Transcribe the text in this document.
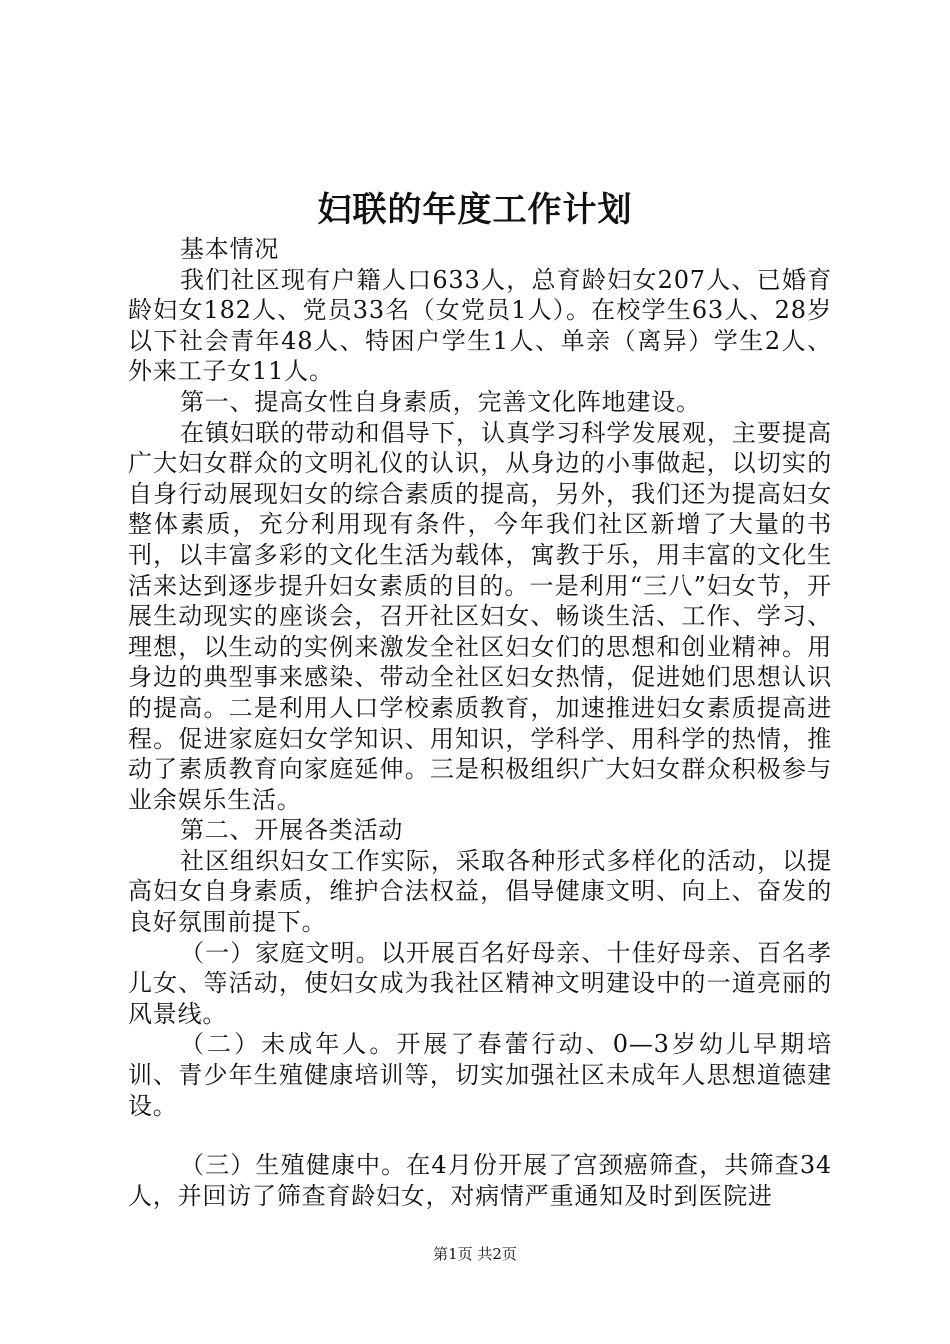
妇联的年度工作计划

基本情况

我们社区现有户籍人口633人，总育龄妇女207人、已婚育龄妇女182人、党员33名（女党员1人）。在校学生63人、28岁以下社会青年48人、特困户学生1人、单亲（离异）学生2人、外来工子女11人。

第一、提高女性自身素质，完善文化阵地建设。

在镇妇联的带动和倡导下，认真学习科学发展观，主要提高广大妇女群众的文明礼仪的认识，从身边的小事做起，以切实的自身行动展现妇女的综合素质的提高，另外，我们还为提高妇女整体素质，充分利用现有条件，今年我们社区新增了大量的书刊，以丰富多彩的文化生活为载体，寓教于乐，用丰富的文化生活来达到逐步提升妇女素质的目的。一是利用“三八”妇女节，开展生动现实的座谈会，召开社区妇女、畅谈生活、工作、学习、理想，以生动的实例来激发全社区妇女们的思想和创业精神。用身边的典型事来感染、带动全社区妇女热情，促进她们思想认识的提高。二是利用人口学校素质教育，加速推进妇女素质提高进程。促进家庭妇女学知识、用知识，学科学、用科学的热情，推动了素质教育向家庭延伸。三是积极组织广大妇女群众积极参与业余娱乐生活。

第二、开展各类活动

社区组织妇女工作实际，采取各种形式多样化的活动，以提高妇女自身素质，维护合法权益，倡导健康文明、向上、奋发的良好氛围前提下。

（一）家庭文明。以开展百名好母亲、十佳好母亲、百名孝儿女、等活动，使妇女成为我社区精神文明建设中的一道亮丽的风景线。

（二）未成年人。开展了春蕾行动、0—3岁幼儿早期培训、青少年生殖健康培训等，切实加强社区未成年人思想道德建设。

（三）生殖健康中。在4月份开展了宫颈癌筛查，共筛查34人，并回访了筛查育龄妇女，对病情严重通知及时到医院进

第1页 共2页
